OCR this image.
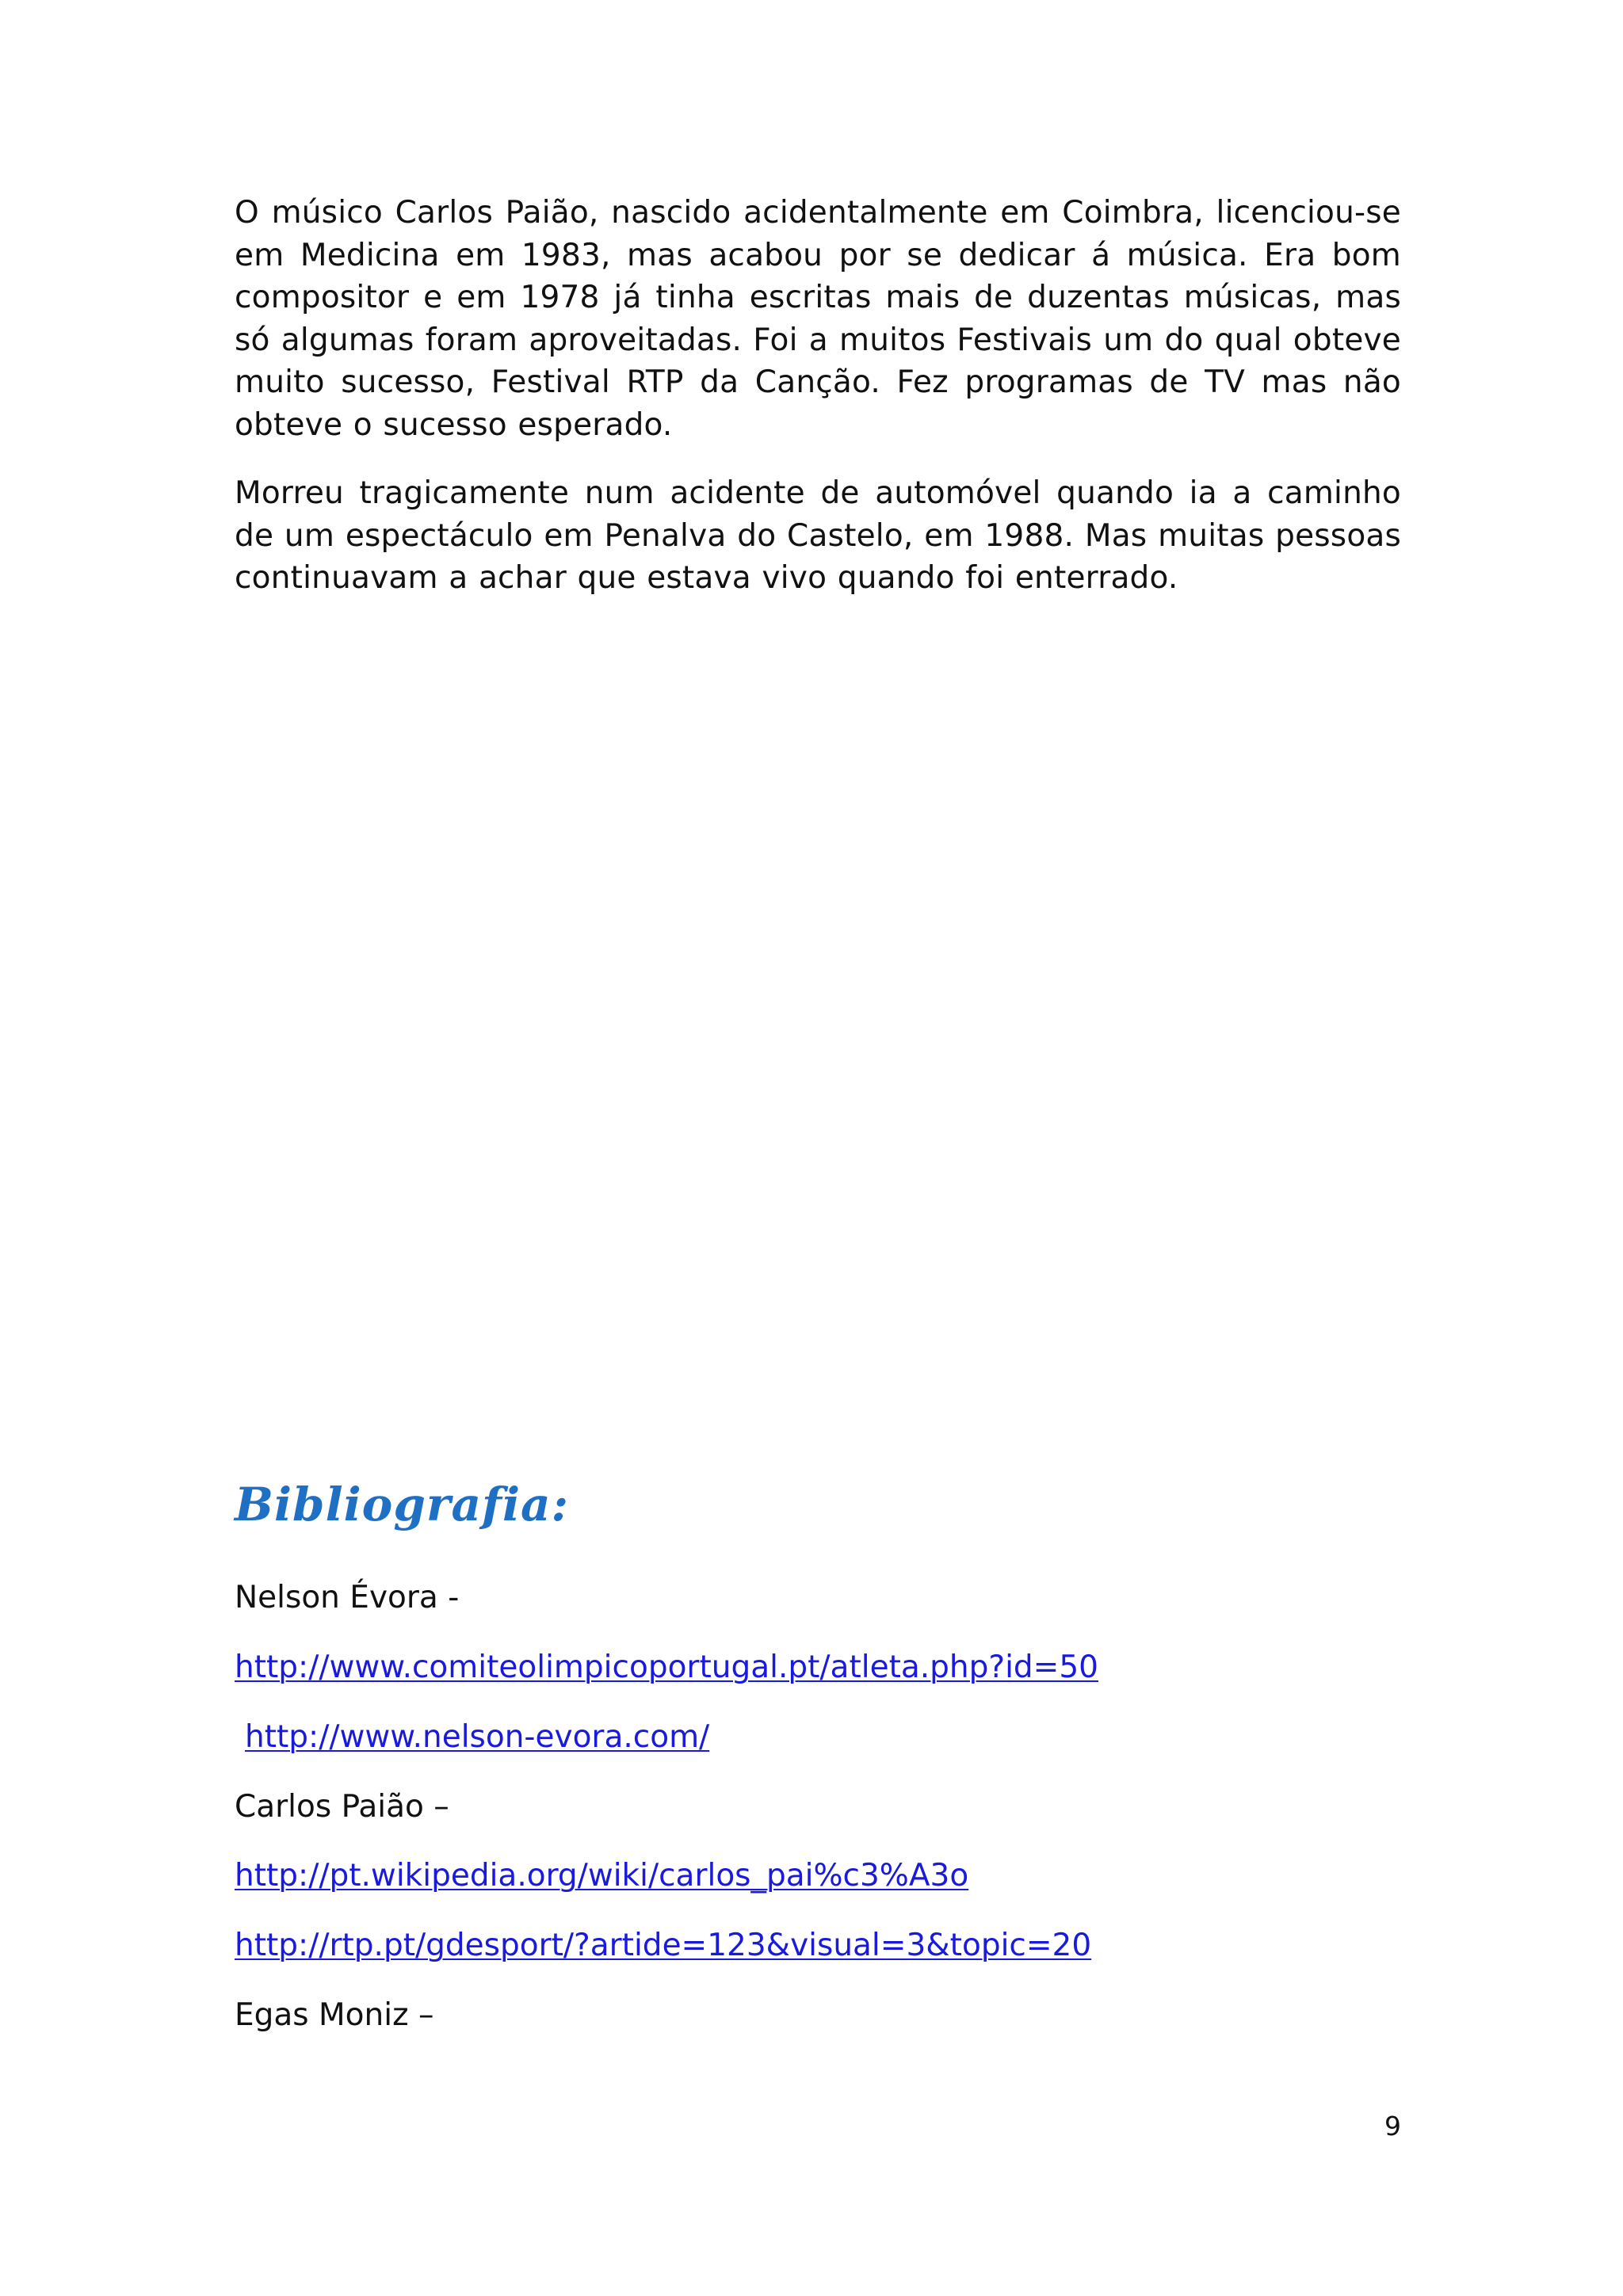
O músico Carlos Paião, nascido acidentalmente em Coimbra, licenciou-se em Medicina em 1983, mas acabou por se dedicar á música. Era bom compositor e em 1978 já tinha escritas mais de duzentas músicas, mas só algumas foram aproveitadas. Foi a muitos Festivais um do qual obteve muito sucesso, Festival RTP da Canção. Fez programas de TV mas não obteve o sucesso esperado.

Morreu tragicamente num acidente de automóvel quando ia a caminho de um espectáculo em Penalva do Castelo, em 1988. Mas muitas pessoas continuavam a achar que estava vivo quando foi enterrado.

Bibliografia:

Nelson Évora -

http://www.comiteolimpicoportugal.pt/atleta.php?id=50

http://www.nelson-evora.com/

Carlos Paião –

http://pt.wikipedia.org/wiki/carlos_pai%c3%A3o

http://rtp.pt/gdesport/?artide=123&visual=3&topic=20

Egas Moniz –

9
